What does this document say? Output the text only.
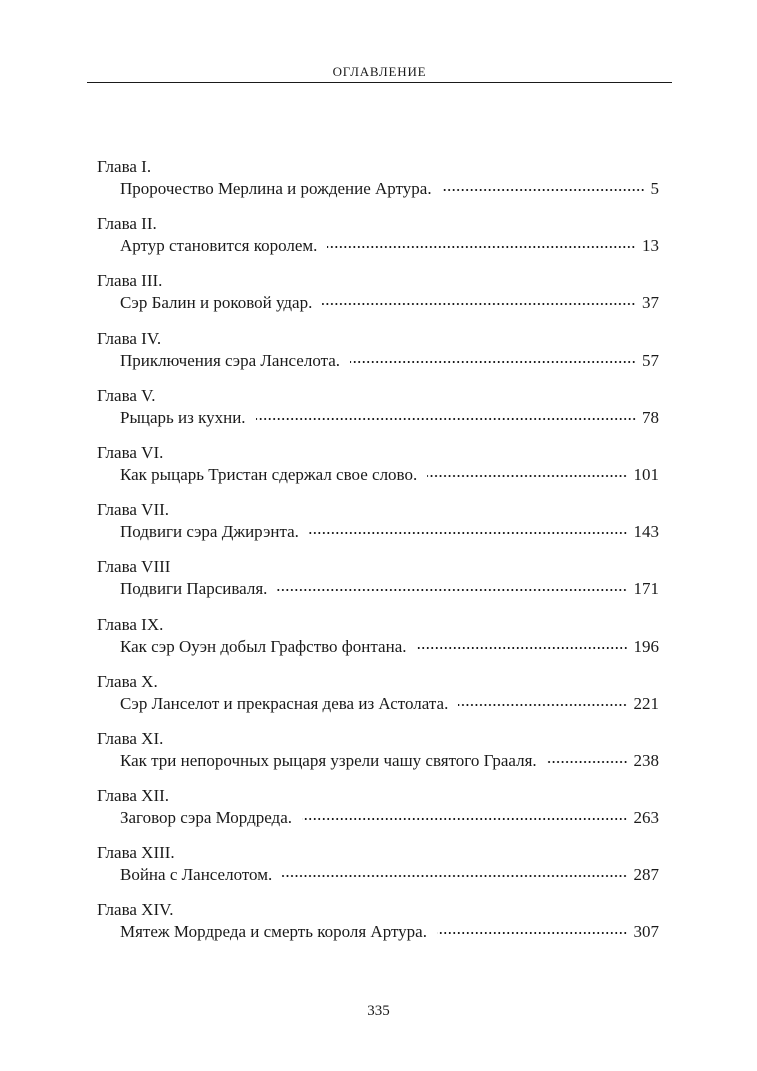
ОГЛАВЛЕНИЕ
Глава I.
Пророчество Мерлина и рождение Артура.	5
Глава II.
Артур становится королем.	13
Глава III.
Сэр Балин и роковой удар.	37
Глава IV.
Приключения сэра Ланселота.	57
Глава V.
Рыцарь из кухни.	78
Глава VI.
Как рыцарь Тристан сдержал свое слово.	101
Глава VII.
Подвиги сэра Джирэнта.	143
Глава VIII
Подвиги Парсиваля.	171
Глава IX.
Как сэр Оуэн добыл Графство фонтана.	196
Глава X.
Сэр Ланселот и прекрасная дева из Астолата.	221
Глава XI.
Как три непорочных рыцаря узрели чашу святого Грааля.	238
Глава XII.
Заговор сэра Мордреда.	263
Глава XIII.
Война с Ланселотом.	287
Глава XIV.
Мятеж Мордреда и смерть короля Артура.	307
335
